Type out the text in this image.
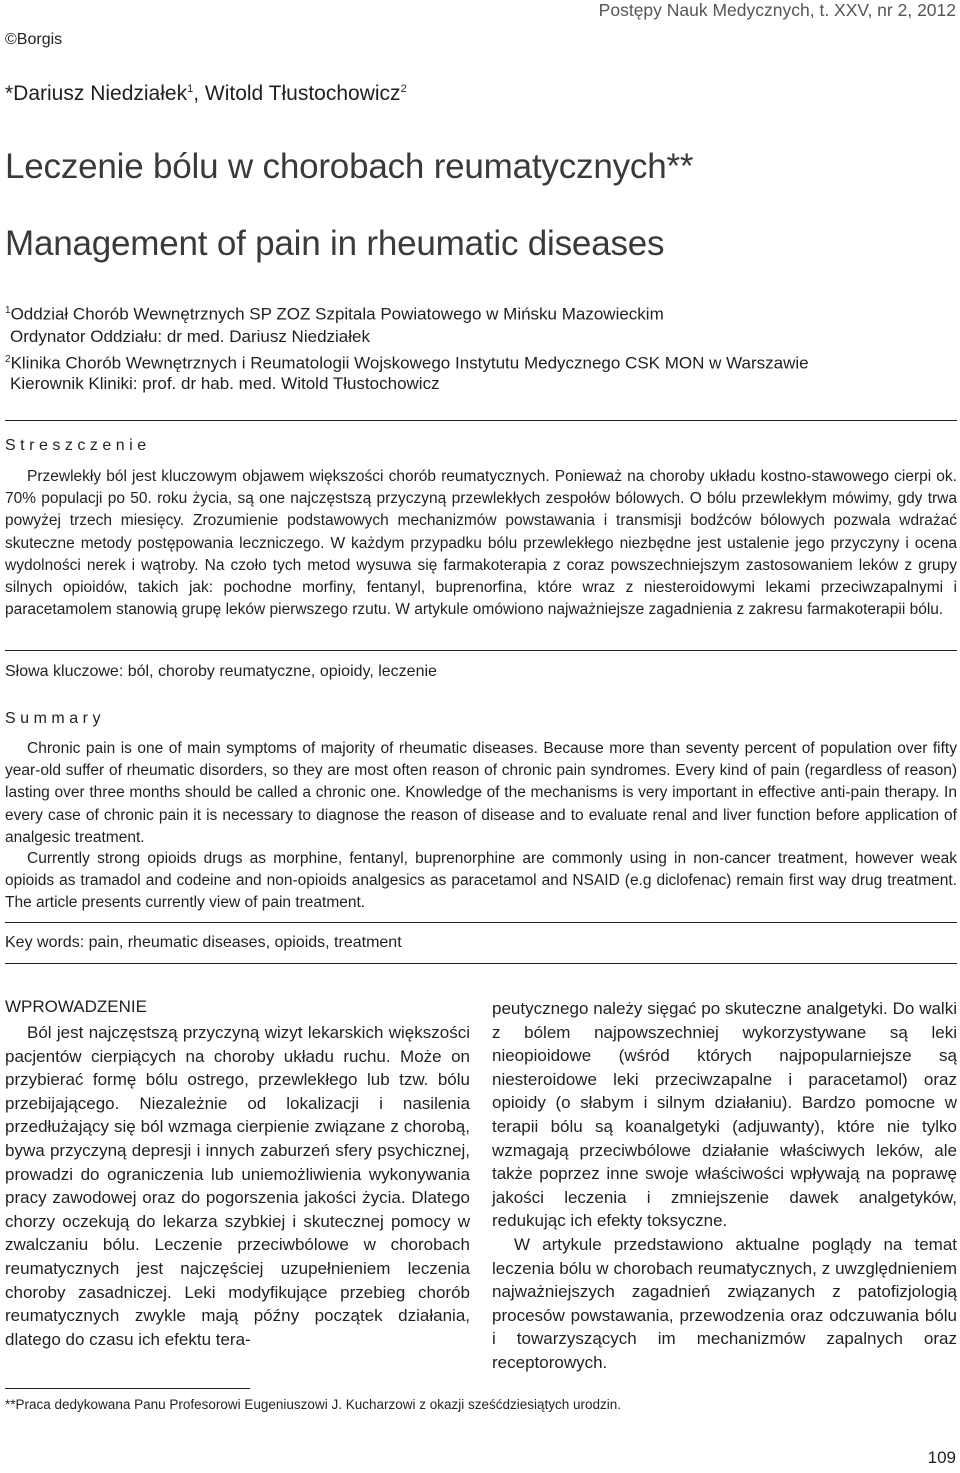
Postępy Nauk Medycznych, t. XXV, nr 2, 2012
©Borgis
*Dariusz Niedziałek$^1$, Witold Tłustochowicz$^2$
Leczenie bólu w chorobach reumatycznych**
Management of pain in rheumatic diseases
$^1$Oddział Chorób Wewnętrznych SP ZOZ Szpitala Powiatowego w Mińsku Mazowieckim
Ordynator Oddziału: dr med. Dariusz Niedziałek
$^2$Klinika Chorób Wewnętrznych i Reumatologii Wojskowego Instytutu Medycznego CSK MON w Warszawie
Kierownik Kliniki: prof. dr hab. med. Witold Tłustochowicz
Streszczenie

Przewlekły ból jest kluczowym objawem większości chorób reumatycznych. Ponieważ na choroby układu kostno-stawowego cierpi ok. 70% populacji po 50. roku życia, są one najczęstszą przyczyną przewlekłych zespołów bólowych. O bólu przewlekłym mówimy, gdy trwa powyżej trzech miesięcy. Zrozumienie podstawowych mechanizmów powstawania i transmisji bodźców bólowych pozwala wdrażać skuteczne metody postępowania leczniczego. W każdym przypadku bólu przewlekłego niezbędne jest ustalenie jego przyczyny i ocena wydolności nerek i wątroby. Na czoło tych metod wysuwa się farmakoterapia z coraz powszechniejszym zastosowaniem leków z grupy silnych opioidów, takich jak: pochodne morfiny, fentanyl, buprenorfina, które wraz z niesteroidowymi lekami przeciwzapalnymi i paracetamolem stanowią grupę leków pierwszego rzutu. W artykule omówiono najważniejsze zagadnienia z zakresu farmakoterapii bólu.

Słowa kluczowe: ból, choroby reumatyczne, opioidy, leczenie
Summary

Chronic pain is one of main symptoms of majority of rheumatic diseases. Because more than seventy percent of population over fifty year-old suffer of rheumatic disorders, so they are most often reason of chronic pain syndromes. Every kind of pain (regardless of reason) lasting over three months should be called a chronic one. Knowledge of the mechanisms is very important in effective anti-pain therapy. In every case of chronic pain it is necessary to diagnose the reason of disease and to evaluate renal and liver function before application of analgesic treatment.

Currently strong opioids drugs as morphine, fentanyl, buprenorphine are commonly using in non-cancer treatment, however weak opioids as tramadol and codeine and non-opioids analgesics as paracetamol and NSAID (e.g diclofenac) remain first way drug treatment. The article presents currently view of pain treatment.

Key words: pain, rheumatic diseases, opioids, treatment
WPROWADZENIE

Ból jest najczęstszą przyczyną wizyt lekarskich większości pacjentów cierpiących na choroby układu ruchu. Może on przybierać formę bólu ostrego, przewlekłego lub tzw. bólu przebijającego. Niezależnie od lokalizacji i nasilenia przedłużający się ból wzmaga cierpienie związane z chorobą, bywa przyczyną depresji i innych zaburzeń sfery psychicznej, prowadzi do ograniczenia lub uniemożliwienia wykonywania pracy zawodowej oraz do pogorszenia jakości życia. Dlatego chorzy oczekują do lekarza szybkiej i skutecznej pomocy w zwalczaniu bólu. Leczenie przeciwbólowe w chorobach reumatycznych jest najczęściej uzupełnieniem leczenia choroby zasadniczej. Leki modyfikujące przebieg chorób reumatycznych zwykle mają późny początek działania, dlatego do czasu ich efektu tera-

peutycznego należy sięgać po skuteczne analgetyki. Do walki z bólem najpowszechniej wykorzystywane są leki nieopioidowe (wśród których najpopularniejsze są niesteroidowe leki przeciwzapalne i paracetamol) oraz opioidy (o słabym i silnym działaniu). Bardzo pomocne w terapii bólu są koanalgetyki (adjuwanty), które nie tylko wzmagają przeciwbólowe działanie właściwych leków, ale także poprzez inne swoje właściwości wpływają na poprawę jakości leczenia i zmniejszenie dawek analgetyków, redukując ich efekty toksyczne.

W artykule przedstawiono aktualne poglądy na temat leczenia bólu w chorobach reumatycznych, z uwzględnieniem najważniejszych zagadnień związanych z patofizjologią procesów powstawania, przewodzenia oraz odczuwania bólu i towarzyszących im mechanizmów zapalnych oraz receptorowych.

**Praca dedykowana Panu Profesorowi Eugeniuszowi J. Kucharzowi z okazji sześćdziesiątych urodzin.
109
